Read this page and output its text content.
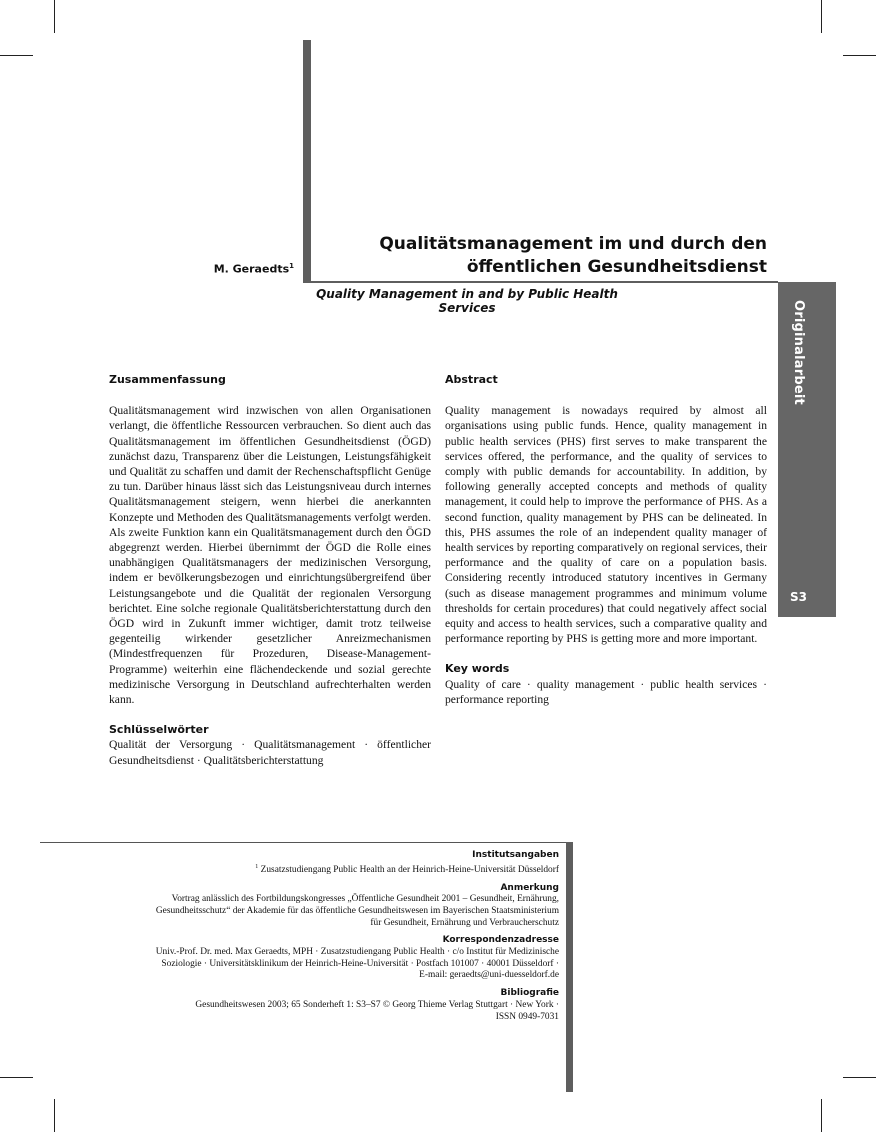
Originalarbeit
S3
M. Geraedts$^1$
Qualitätsmanagement im und durch den
öffentlichen Gesundheitsdienst
Quality Management in and by Public Health Services
Zusammenfassung

Qualitätsmanagement wird inzwischen von allen Organisationen verlangt, die öffentliche Ressourcen verbrauchen. So dient auch das Qualitätsmanagement im öffentlichen Gesundheitsdienst (ÖGD) zunächst dazu, Transparenz über die Leistungen, Leistungsfähigkeit und Qualität zu schaffen und damit der Rechenschaftspflicht Genüge zu tun. Darüber hinaus lässt sich das Leistungsniveau durch internes Qualitätsmanagement steigern, wenn hierbei die anerkannten Konzepte und Methoden des Qualitätsmanagements verfolgt werden. Als zweite Funktion kann ein Qualitätsmanagement durch den ÖGD abgegrenzt werden. Hierbei übernimmt der ÖGD die Rolle eines unabhängigen Qualitätsmanagers der medizinischen Versorgung, indem er bevölkerungsbezogen und einrichtungsübergreifend über Leistungsangebote und die Qualität der regionalen Versorgung berichtet. Eine solche regionale Qualitätsberichterstattung durch den ÖGD wird in Zukunft immer wichtiger, damit trotz teilweise gegenteilig wirkender gesetzlicher Anreizmechanismen (Mindestfrequenzen für Prozeduren, Disease-Management-Programme) weiterhin eine flächendeckende und sozial gerechte medizinische Versorgung in Deutschland aufrechterhalten werden kann.

Schlüsselwörter

Qualität der Versorgung · Qualitätsmanagement · öffentlicher Gesundheitsdienst · Qualitätsberichterstattung

Abstract

Quality management is nowadays required by almost all organisations using public funds. Hence, quality management in public health services (PHS) first serves to make transparent the services offered, the performance, and the quality of services to comply with public demands for accountability. In addition, by following generally accepted concepts and methods of quality management, it could help to improve the performance of PHS. As a second function, quality management by PHS can be delineated. In this, PHS assumes the role of an independent quality manager of health services by reporting comparatively on regional services, their performance and the quality of care on a population basis. Considering recently introduced statutory incentives in Germany (such as disease management programmes and minimum volume thresholds for certain procedures) that could negatively affect social equity and access to health services, such a comparative quality and performance reporting by PHS is getting more and more important.

Key words

Quality of care · quality management · public health services · performance reporting

Institutsangaben

$^1$ Zusatzstudiengang Public Health an der Heinrich-Heine-Universität Düsseldorf

Anmerkung

Vortrag anlässlich des Fortbildungskongresses „Öffentliche Gesundheit 2001 – Gesundheit, Ernährung,

Gesundheitsschutz“ der Akademie für das öffentliche Gesundheitswesen im Bayerischen Staatsministerium

für Gesundheit, Ernährung und Verbraucherschutz

Korrespondenzadresse

Univ.-Prof. Dr. med. Max Geraedts, MPH · Zusatzstudiengang Public Health · c/o Institut für Medizinische

Soziologie · Universitätsklinikum der Heinrich-Heine-Universität · Postfach 101007 · 40001 Düsseldorf ·

E-mail: geraedts@uni-duesseldorf.de

Bibliografie

Gesundheitswesen 2003; 65 Sonderheft 1: S3–S7 © Georg Thieme Verlag Stuttgart · New York ·

ISSN 0949-7031
